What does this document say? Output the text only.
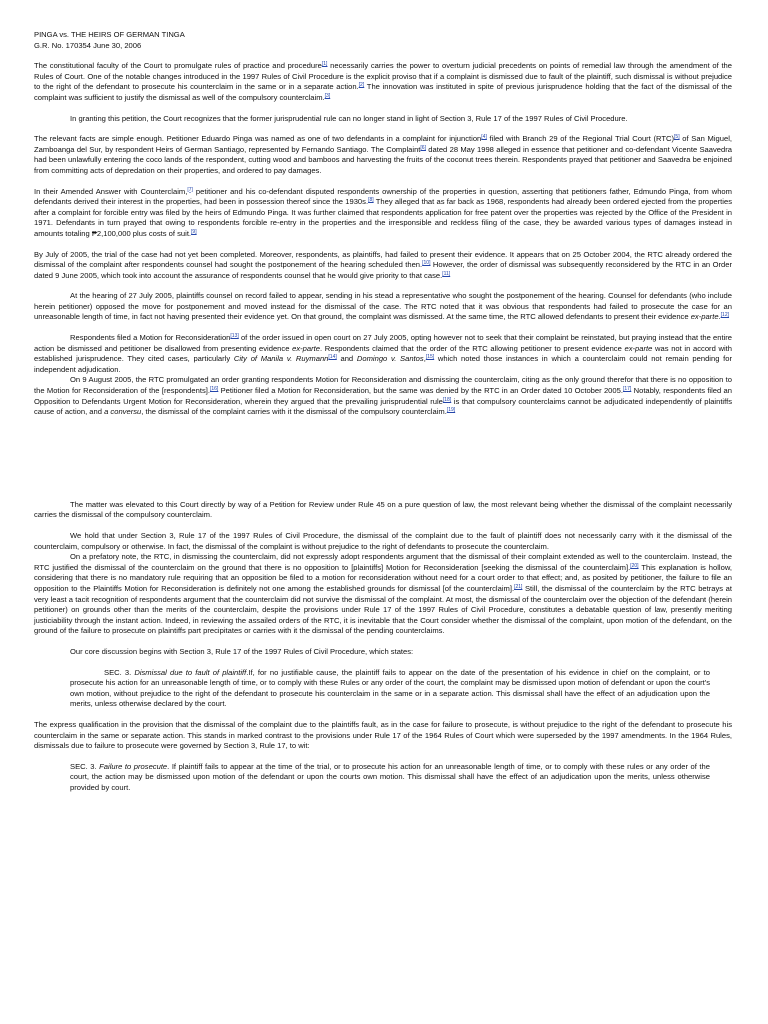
PINGA vs. THE HEIRS OF GERMAN TINGA

G.R. No. 170354 June 30, 2006

The constitutional faculty of the Court to promulgate rules of practice and procedure[1] necessarily carries the power to overturn judicial precedents on points of remedial law through the amendment of the Rules of Court. One of the notable changes introduced in the 1997 Rules of Civil Procedure is the explicit proviso that if a complaint is dismissed due to fault of the plaintiff, such dismissal is without prejudice to the right of the defendant to prosecute his counterclaim in the same or in a separate action.[2] The innovation was instituted in spite of previous jurisprudence holding that the fact of the dismissal of the complaint was sufficient to justify the dismissal as well of the compulsory counterclaim.[3]

In granting this petition, the Court recognizes that the former jurisprudential rule can no longer stand in light of Section 3, Rule 17 of the 1997 Rules of Civil Procedure.

The relevant facts are simple enough. Petitioner Eduardo Pinga was named as one of two defendants in a complaint for injunction[4] filed with Branch 29 of the Regional Trial Court (RTC)[5] of San Miguel, Zamboanga del Sur, by respondent Heirs of German Santiago, represented by Fernando Santiago. The Complaint[6] dated 28 May 1998 alleged in essence that petitioner and co-defendant Vicente Saavedra had been unlawfully entering the coco lands of the respondent, cutting wood and bamboos and harvesting the fruits of the coconut trees therein. Respondents prayed that petitioner and Saavedra be enjoined from committing acts of depredation on their properties, and ordered to pay damages.

In their Amended Answer with Counterclaim,[7] petitioner and his co-defendant disputed respondents ownership of the properties in question, asserting that petitioners father, Edmundo Pinga, from whom defendants derived their interest in the properties, had been in possession thereof since the 1930s.[8] They alleged that as far back as 1968, respondents had already been ordered ejected from the properties after a complaint for forcible entry was filed by the heirs of Edmundo Pinga. It was further claimed that respondents application for free patent over the properties was rejected by the Office of the President in 1971. Defendants in turn prayed that owing to respondents forcible re-entry in the properties and the irresponsible and reckless filing of the case, they be awarded various types of damages instead in amounts totaling ₱2,100,000 plus costs of suit.[9]

By July of 2005, the trial of the case had not yet been completed. Moreover, respondents, as plaintiffs, had failed to present their evidence. It appears that on 25 October 2004, the RTC already ordered the dismissal of the complaint after respondents counsel had sought the postponement of the hearing scheduled then.[10] However, the order of dismissal was subsequently reconsidered by the RTC in an Order dated 9 June 2005, which took into account the assurance of respondents counsel that he would give priority to that case.[11]

At the hearing of 27 July 2005, plaintiffs counsel on record failed to appear, sending in his stead a representative who sought the postponement of the hearing. Counsel for defendants (who include herein petitioner) opposed the move for postponement and moved instead for the dismissal of the case. The RTC noted that it was obvious that respondents had failed to prosecute the case for an unreasonable length of time, in fact not having presented their evidence yet. On that ground, the complaint was dismissed. At the same time, the RTC allowed defendants to present their evidence ex-parte.[12]

Respondents filed a Motion for Reconsideration[13] of the order issued in open court on 27 July 2005, opting however not to seek that their complaint be reinstated, but praying instead that the entire action be dismissed and petitioner be disallowed from presenting evidence ex-parte. Respondents claimed that the order of the RTC allowing petitioner to present evidence ex-parte was not in accord with established jurisprudence. They cited cases, particularly City of Manila v. Ruymann[14] and Domingo v. Santos,[15] which noted those instances in which a counterclaim could not remain pending for independent adjudication.

On 9 August 2005, the RTC promulgated an order granting respondents Motion for Reconsideration and dismissing the counterclaim, citing as the only ground therefor that there is no opposition to the Motion for Reconsideration of the [respondents].[16] Petitioner filed a Motion for Reconsideration, but the same was denied by the RTC in an Order dated 10 October 2005.[17] Notably, respondents filed an Opposition to Defendants Urgent Motion for Reconsideration, wherein they argued that the prevailing jurisprudential rule[18] is that compulsory counterclaims cannot be adjudicated independently of plaintiffs cause of action, and a conversu, the dismissal of the complaint carries with it the dismissal of the compulsory counterclaim.[19]

The matter was elevated to this Court directly by way of a Petition for Review under Rule 45 on a pure question of law, the most relevant being whether the dismissal of the complaint necessarily carries the dismissal of the compulsory counterclaim.

We hold that under Section 3, Rule 17 of the 1997 Rules of Civil Procedure, the dismissal of the complaint due to the fault of plaintiff does not necessarily carry with it the dismissal of the counterclaim, compulsory or otherwise. In fact, the dismissal of the complaint is without prejudice to the right of defendants to prosecute the counterclaim.

On a prefatory note, the RTC, in dismissing the counterclaim, did not expressly adopt respondents argument that the dismissal of their complaint extended as well to the counterclaim. Instead, the RTC justified the dismissal of the counterclaim on the ground that there is no opposition to [plaintiffs] Motion for Reconsideration [seeking the dismissal of the counterclaim].[20] This explanation is hollow, considering that there is no mandatory rule requiring that an opposition be filed to a motion for reconsideration without need for a court order to that effect; and, as posited by petitioner, the failure to file an opposition to the Plaintiffs Motion for Reconsideration is definitely not one among the established grounds for dismissal [of the counterclaim].[21] Still, the dismissal of the counterclaim by the RTC betrays at very least a tacit recognition of respondents argument that the counterclaim did not survive the dismissal of the complaint. At most, the dismissal of the counterclaim over the objection of the defendant (herein petitioner) on grounds other than the merits of the counterclaim, despite the provisions under Rule 17 of the 1997 Rules of Civil Procedure, constitutes a debatable question of law, presently meriting justiciability through the instant action. Indeed, in reviewing the assailed orders of the RTC, it is inevitable that the Court consider whether the dismissal of the complaint, upon motion of the defendant, on the ground of the failure to prosecute on plaintiffs part precipitates or carries with it the dismissal of the pending counterclaims.

Our core discussion begins with Section 3, Rule 17 of the 1997 Rules of Civil Procedure, which states:

SEC. 3. Dismissal due to fault of plaintiff.If, for no justifiable cause, the plaintiff fails to appear on the date of the presentation of his evidence in chief on the complaint, or to prosecute his action for an unreasonable length of time, or to comply with these Rules or any order of the court, the complaint may be dismissed upon motion of defendant or upon the court's own motion, without prejudice to the right of the defendant to prosecute his counterclaim in the same or in a separate action. This dismissal shall have the effect of an adjudication upon the merits, unless otherwise declared by the court.

The express qualification in the provision that the dismissal of the complaint due to the plaintiffs fault, as in the case for failure to prosecute, is without prejudice to the right of the defendant to prosecute his counterclaim in the same or separate action. This stands in marked contrast to the provisions under Rule 17 of the 1964 Rules of Court which were superseded by the 1997 amendments. In the 1964 Rules, dismissals due to failure to prosecute were governed by Section 3, Rule 17, to wit:

SEC. 3. Failure to prosecute. If plaintiff fails to appear at the time of the trial, or to prosecute his action for an unreasonable length of time, or to comply with these rules or any order of the court, the action may be dismissed upon motion of the defendant or upon the courts own motion. This dismissal shall have the effect of an adjudication upon the merits, unless otherwise provided by court.
